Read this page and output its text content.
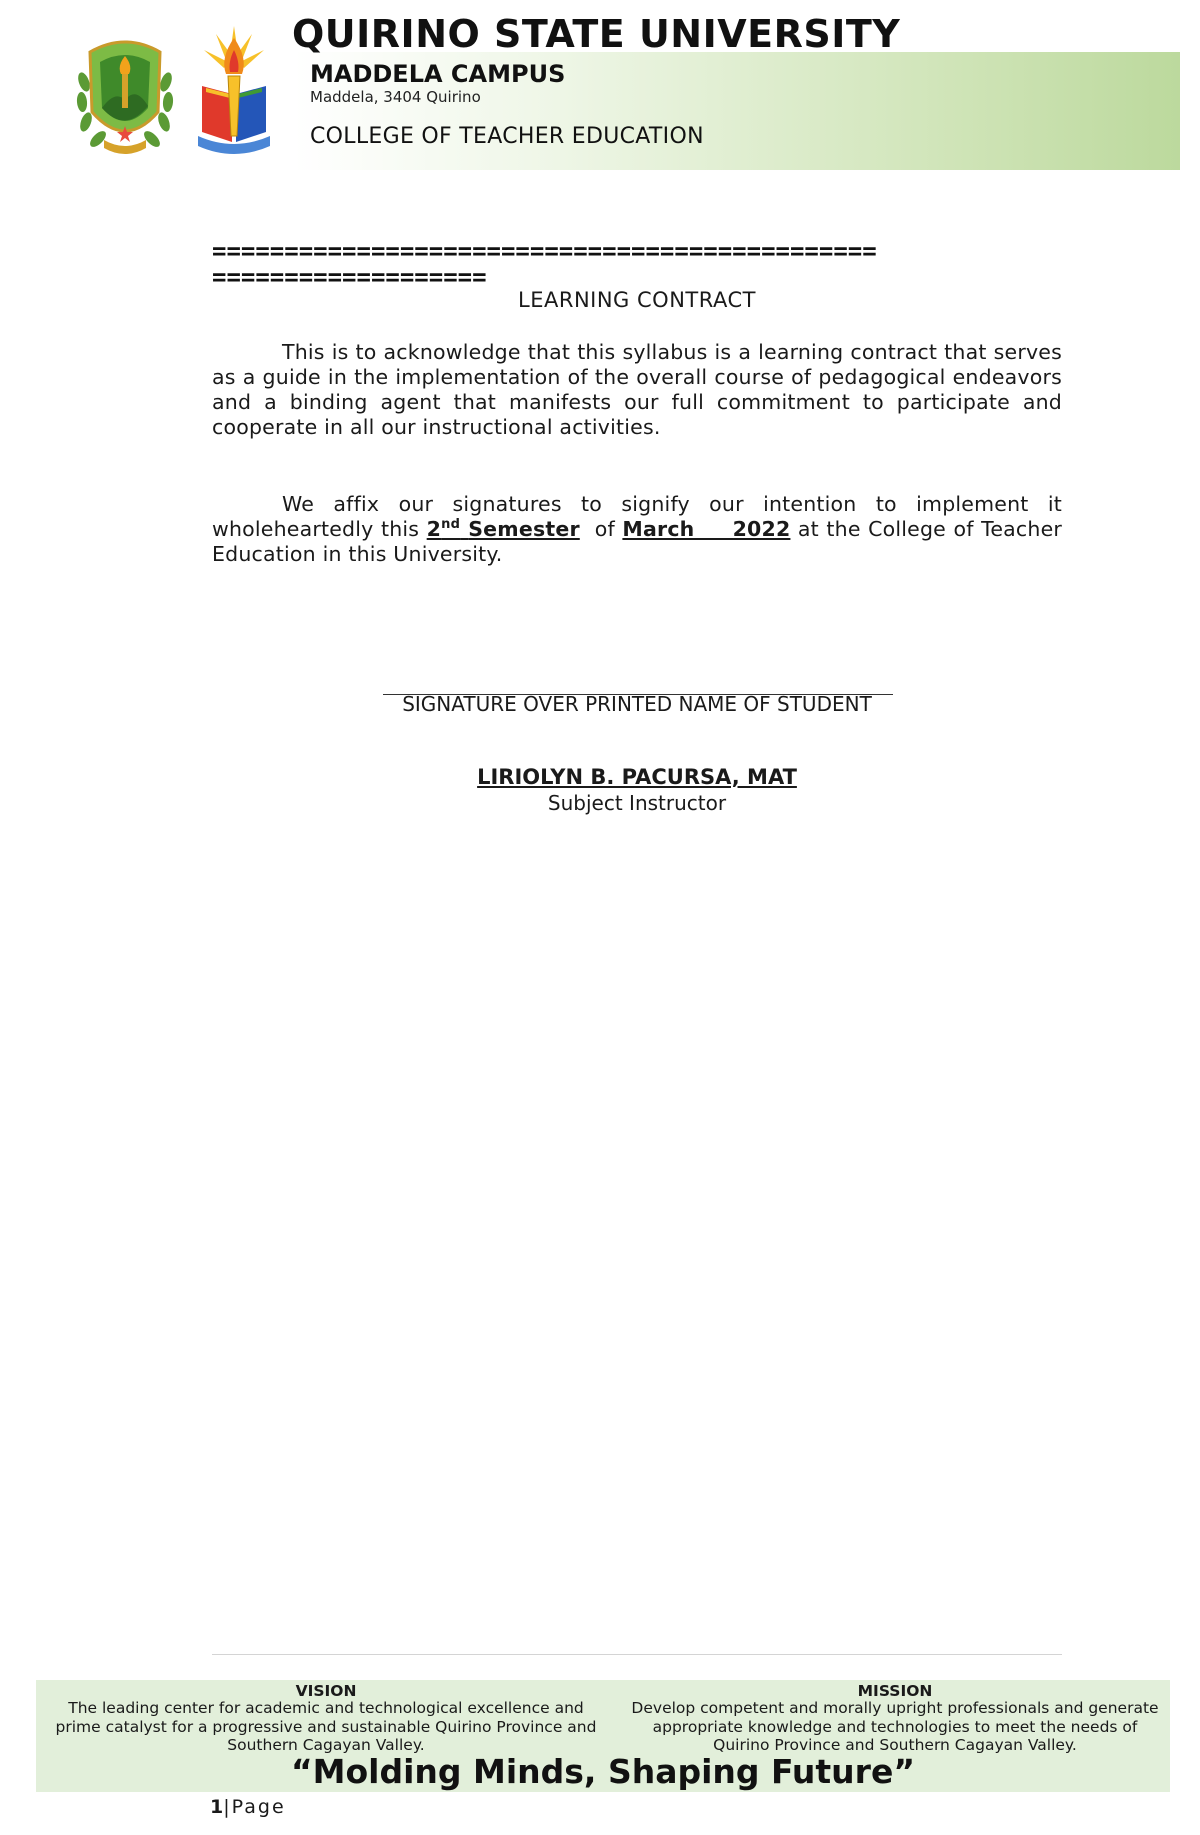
QUIRINO STATE UNIVERSITY
MADDELA CAMPUS
Maddela, 3404 Quirino
COLLEGE OF TEACHER EDUCATION
==============================================
===================
LEARNING CONTRACT
This is to acknowledge that this syllabus is a learning contract that serves as a guide in the implementation of the overall course of pedagogical endeavors and a binding agent that manifests our full commitment to participate and cooperate in all our instructional activities.
We affix our signatures to signify our intention to implement it wholeheartedly this 2nd Semester of March 2022 at the College of Teacher Education in this University.
SIGNATURE OVER PRINTED NAME OF STUDENT
LIRIOLYN B. PACURSA, MAT
Subject Instructor
VISION
The leading center for academic and technological excellence and prime catalyst for a progressive and sustainable Quirino Province and Southern Cagayan Valley.
MISSION
Develop competent and morally upright professionals and generate appropriate knowledge and technologies to meet the needs of Quirino Province and Southern Cagayan Valley.
“Molding Minds, Shaping Future”
1|Page
